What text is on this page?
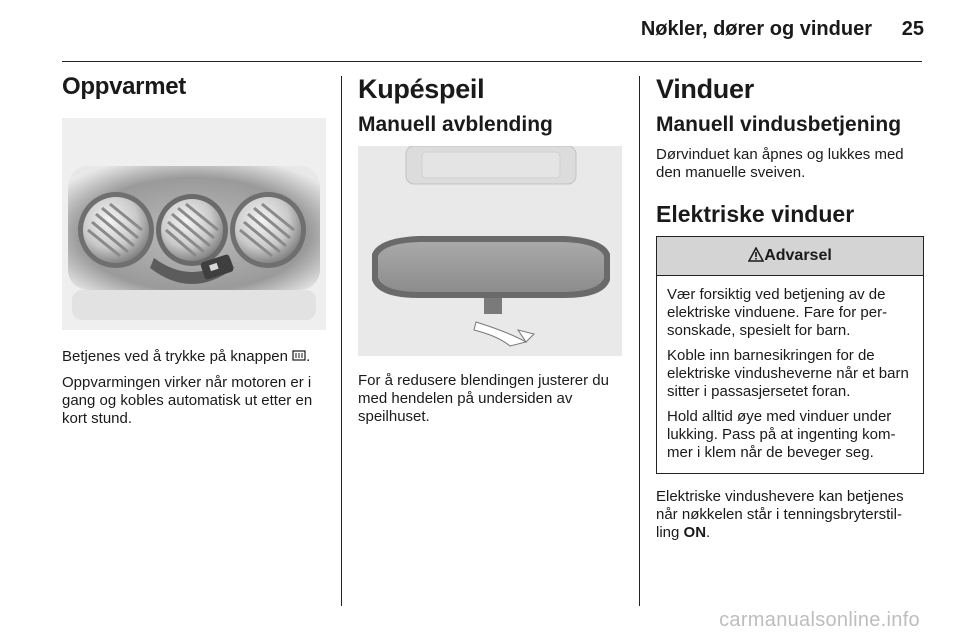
Nøkler, dører og vinduer 25
Oppvarmet

Betjenes ved å trykke på knappen .

Oppvarmingen virker når motoren er i gang og kobles automatisk ut etter en kort stund.

Kupéspeil
Manuell avblending

For å redusere blendingen justerer du med hendelen på undersiden av speilhuset.

Vinduer
Manuell vindusbetjening

Dørvinduet kan åpnes og lukkes med den manuelle sveiven.

Elektriske vinduer
Advarsel

Vær forsiktig ved betjening av de elektriske vinduene. Fare for per-sonskade, spesielt for barn.

Koble inn barnesikringen for de elektriske vindusheverne når et barn sitter i passasjersetet foran.

Hold alltid øye med vinduer under lukking. Pass på at ingenting kom-mer i klem når de beveger seg.

Elektriske vindushevere kan betjenes når nøkkelen står i tenningsbryterstil-ling ON.

carmanualsonline.info
